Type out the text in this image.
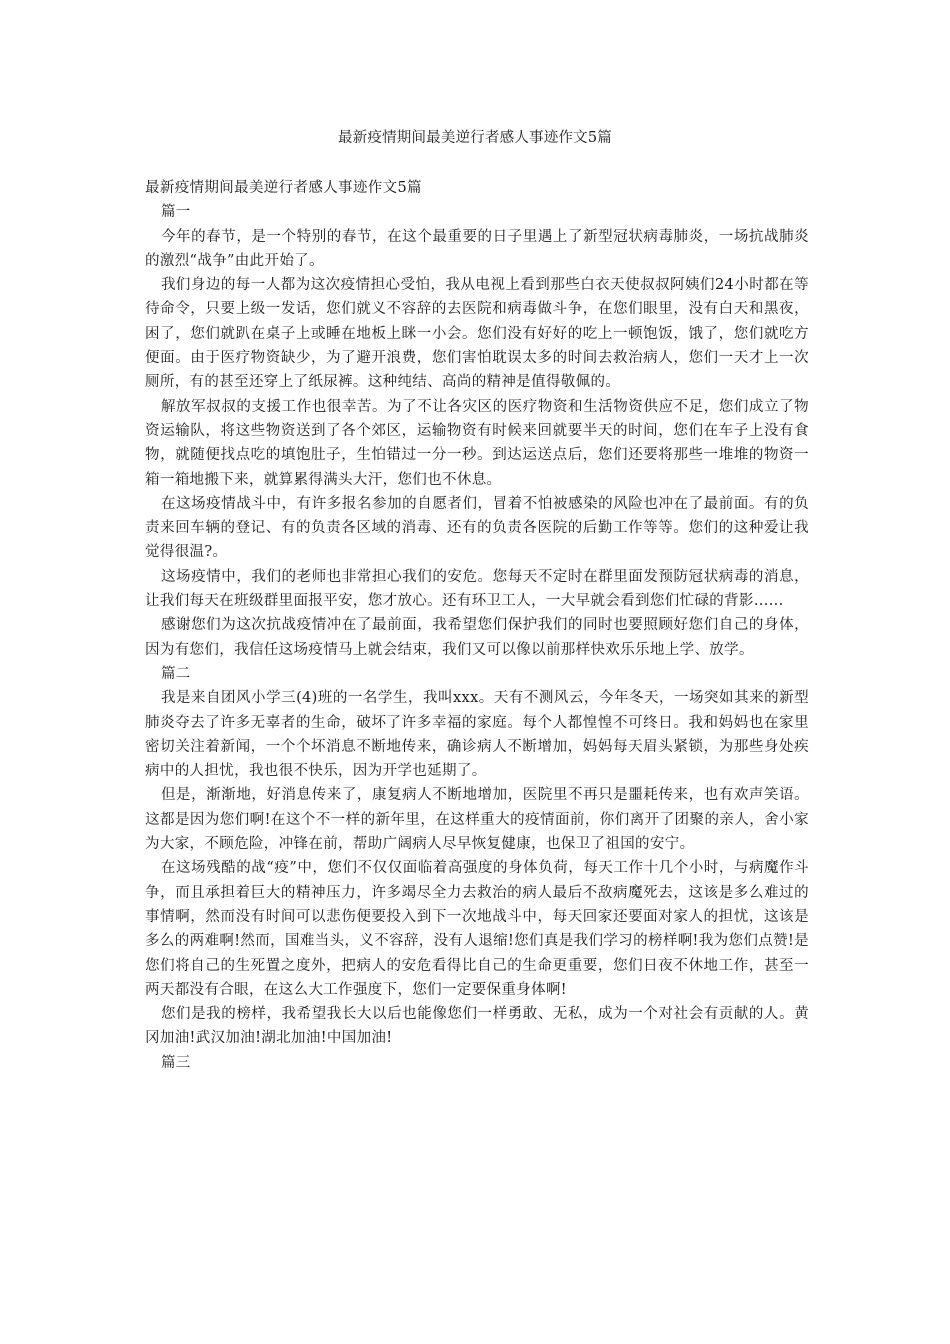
最新疫情期间最美逆行者感人事迹作文5篇

最新疫情期间最美逆行者感人事迹作文5篇

篇一

今年的春节，是一个特别的春节，在这个最重要的日子里遇上了新型冠状病毒肺炎，一场抗战肺炎的激烈“战争”由此开始了。

我们身边的每一人都为这次疫情担心受怕，我从电视上看到那些白衣天使叔叔阿姨们24小时都在等待命令，只要上级一发话，您们就义不容辞的去医院和病毒做斗争，在您们眼里，没有白天和黑夜，困了，您们就趴在桌子上或睡在地板上眯一小会。您们没有好好的吃上一顿饱饭，饿了，您们就吃方便面。由于医疗物资缺少，为了避开浪费，您们害怕耽误太多的时间去救治病人，您们一天才上一次厕所，有的甚至还穿上了纸尿裤。这种纯结、高尚的精神是值得敬佩的。

解放军叔叔的支援工作也很幸苦。为了不让各灾区的医疗物资和生活物资供应不足，您们成立了物资运输队，将这些物资送到了各个郊区，运输物资有时候来回就要半天的时间，您们在车子上没有食物，就随便找点吃的填饱肚子，生怕错过一分一秒。到达运送点后，您们还要将那些一堆堆的物资一箱一箱地搬下来，就算累得满头大汗，您们也不休息。

在这场疫情战斗中，有许多报名参加的自愿者们，冒着不怕被感染的风险也冲在了最前面。有的负责来回车辆的登记、有的负责各区域的消毒、还有的负责各医院的后勤工作等等。您们的这种爱让我觉得很温?。

这场疫情中，我们的老师也非常担心我们的安危。您每天不定时在群里面发预防冠状病毒的消息，让我们每天在班级群里面报平安，您才放心。还有环卫工人，一大早就会看到您们忙碌的背影......

感谢您们为这次抗战疫情冲在了最前面，我希望您们保护我们的同时也要照顾好您们自己的身体，因为有您们，我信任这场疫情马上就会结束，我们又可以像以前那样快欢乐乐地上学、放学。

篇二

我是来自团风小学三(4)班的一名学生，我叫xxx。天有不测风云，今年冬天，一场突如其来的新型肺炎夺去了许多无辜者的生命，破坏了许多幸福的家庭。每个人都惶惶不可终日。我和妈妈也在家里密切关注着新闻，一个个坏消息不断地传来，确诊病人不断增加，妈妈每天眉头紧锁，为那些身处疾病中的人担忧，我也很不快乐，因为开学也延期了。

但是，渐渐地，好消息传来了，康复病人不断地增加，医院里不再只是噩耗传来，也有欢声笑语。这都是因为您们啊!在这个不一样的新年里，在这样重大的疫情面前，你们离开了团聚的亲人，舍小家为大家，不顾危险，冲锋在前，帮助广阔病人尽早恢复健康，也保卫了祖国的安宁。

在这场残酷的战“疫”中，您们不仅仅面临着高强度的身体负荷，每天工作十几个小时，与病魔作斗争，而且承担着巨大的精神压力，许多竭尽全力去救治的病人最后不敌病魔死去，这该是多么难过的事情啊，然而没有时间可以悲伤便要投入到下一次地战斗中，每天回家还要面对家人的担忧，这该是多么的两难啊!然而，国难当头，义不容辞，没有人退缩!您们真是我们学习的榜样啊!我为您们点赞!是您们将自己的生死置之度外，把病人的安危看得比自己的生命更重要，您们日夜不休地工作，甚至一两天都没有合眼，在这么大工作强度下，您们一定要保重身体啊!

您们是我的榜样，我希望我长大以后也能像您们一样勇敢、无私，成为一个对社会有贡献的人。黄冈加油!武汉加油!湖北加油!中国加油!

篇三
